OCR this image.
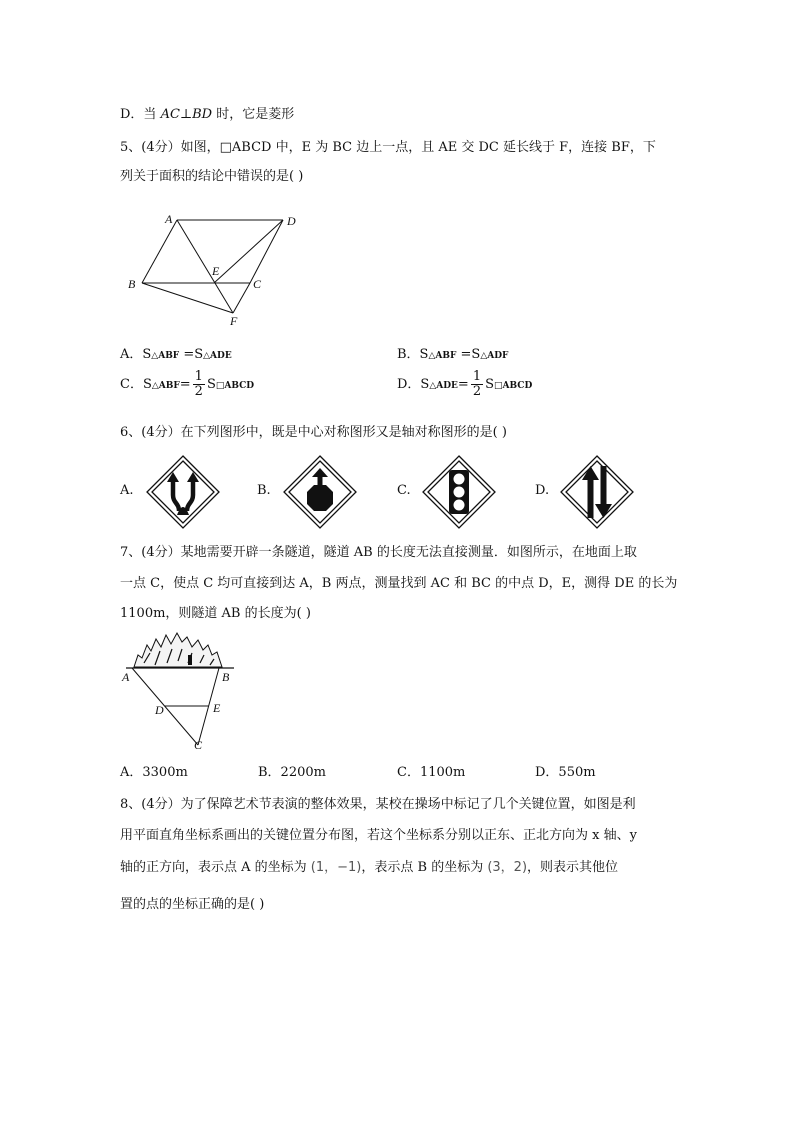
D．当 AC⊥BD 时，它是菱形
5、(4分）如图，□ABCD 中，E 为 BC 边上一点，且 AE 交 DC 延长线于 F，连接 BF，下
列关于面积的结论中错误的是( )
A	D
B	C
E
F
A．S△ABF =S△ADE	B．S△ABF =S△ADF
C．S△ABF= $\frac{1}{2}$ S□ABCD	D．S△ADE= $\frac{1}{2}$ S□ABCD
6、(4分）在下列图形中，既是中心对称图形又是轴对称图形的是( )
A.	B.	C.	D.
7、(4分）某地需要开辟一条隧道，隧道 AB 的长度无法直接测量．如图所示，在地面上取
一点 C，使点 C 均可直接到达 A，B 两点，测量找到 AC 和 BC 的中点 D，E，测得 DE 的长为
1100m，则隧道 AB 的长度为( )
A	B
D	E
C
A．3300m	B．2200m	C．1100m	D．550m
8、(4分）为了保障艺术节表演的整体效果，某校在操场中标记了几个关键位置，如图是利
用平面直角坐标系画出的关键位置分布图，若这个坐标系分别以正东、正北方向为 x 轴、y
轴的正方向，表示点 A 的坐标为 (1，−1)，表示点 B 的坐标为 (3，2)，则表示其他位
置的点的坐标正确的是( )
